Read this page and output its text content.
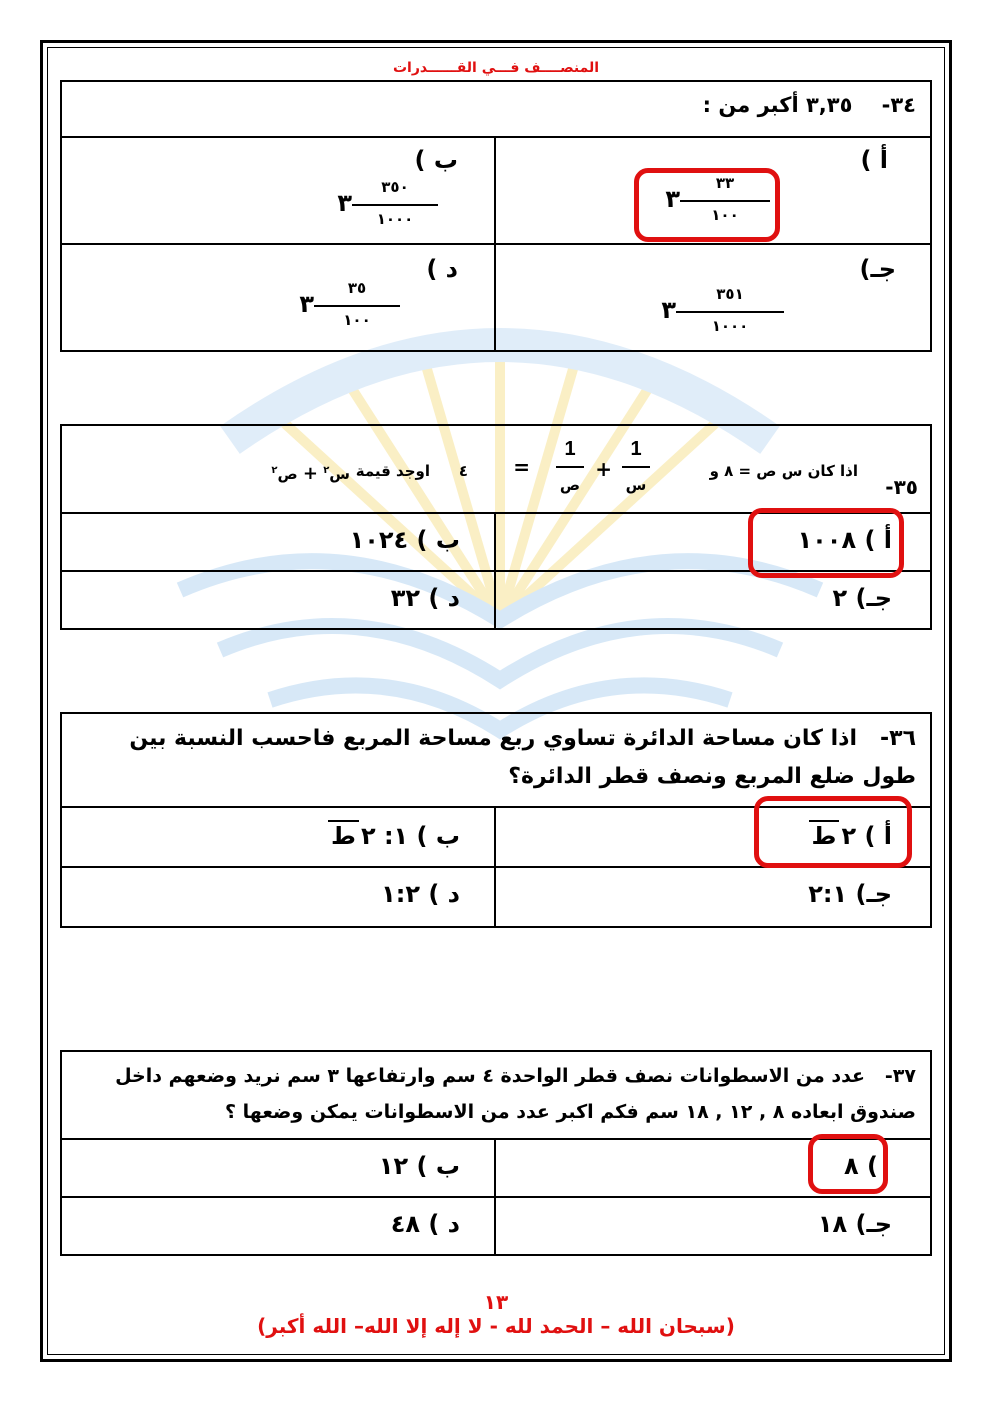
المنصــــف فـــي القــــــدرات
٣٤-    ٣,٣٥ أكبر من :
أ )
$\frac{٣٣}{١٠٠}$
٣
ب )
$\frac{٣٥٠}{١٠٠٠}$
٣
جـ)
$\frac{٣٥١}{١٠٠٠}$
٣
د )
$\frac{٣٥}{١٠٠}$
٣
٣٥-
اذا كان س ص = ٨ و
1
س
+
1
ص
=
٤
اوجد قيمة
س$^٢$ + ص$^٢$
أ ) ١٠٠٨
ب ) ١٠٢٤
جـ) ٢
د ) ٣٢
٣٦-   اذا كان مساحة الدائرة تساوي ربع مساحة المربع فاحسب النسبة بين طول ضلع المربع ونصف قطر الدائرة؟
أ ) ٢ط
ب ) ١: ٢ط
جـ) ٢:١
د ) ١:٢
٣٧-   عدد من الاسطوانات نصف قطر الواحدة ٤ سم وارتفاعها ٣ سم نريد وضعهم داخل صندوق ابعاده ٨ , ١٢ , ١٨ سم فكم اكبر عدد من الاسطوانات يمكن وضعها ؟
) ٨
ب ) ١٢
جـ) ١٨
د ) ٤٨
١٣
(سبحان الله – الحمد لله - لا إله إلا الله– الله أكبر)
